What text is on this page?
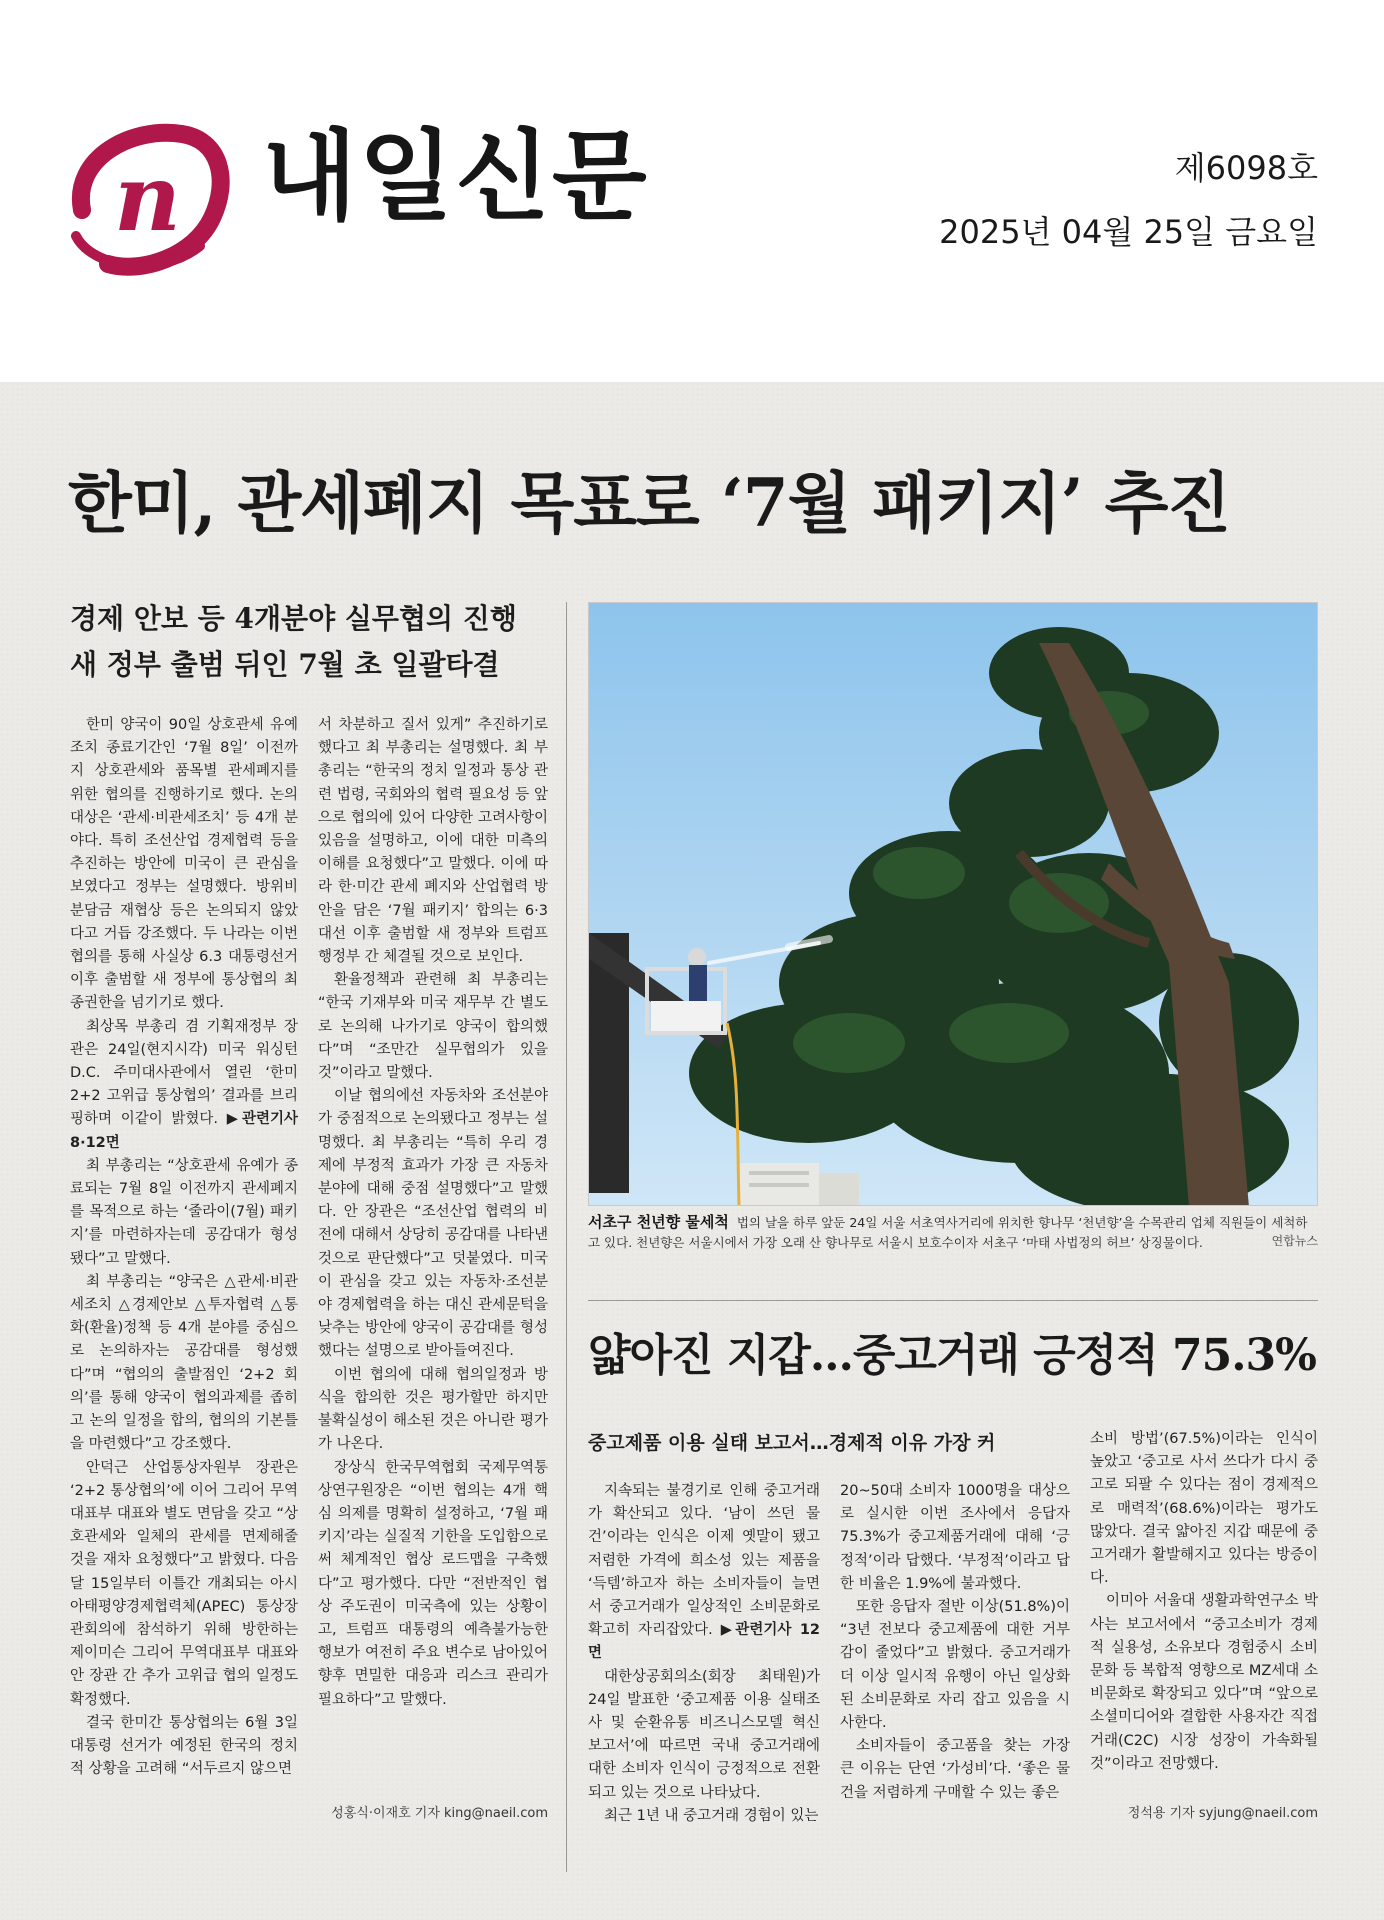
n 내일신문	제6098호
2025년 04월 25일 금요일
한미, 관세폐지 목표로 ‘7월 패키지’ 추진
경제 안보 등 4개분야 실무협의 진행
새 정부 출범 뒤인 7월 초 일괄타결

한미 양국이 90일 상호관세 유예조치 종료기간인 ‘7월 8일’ 이전까지 상호관세와 품목별 관세폐지를 위한 협의를 진행하기로 했다. 논의대상은 ‘관세·비관세조치’ 등 4개 분야다. 특히 조선산업 경제협력 등을 추진하는 방안에 미국이 큰 관심을 보였다고 정부는 설명했다. 방위비 분담금 재협상 등은 논의되지 않았다고 거듭 강조했다. 두 나라는 이번 협의를 통해 사실상 6.3 대통령선거 이후 출범할 새 정부에 통상협의 최종권한을 넘기기로 했다.

최상목 부총리 겸 기획재정부 장관은 24일(현지시각) 미국 워싱턴D.C. 주미대사관에서 열린 ‘한미 2+2 고위급 통상협의’ 결과를 브리핑하며 이같이 밝혔다. ▶관련기사 8·12면

최 부총리는 “상호관세 유예가 종료되는 7월 8일 이전까지 관세폐지를 목적으로 하는 ‘줄라이(7월) 패키지’를 마련하자는데 공감대가 형성됐다”고 말했다.

최 부총리는 “양국은 △관세·비관세조치 △경제안보 △투자협력 △통화(환율)정책 등 4개 분야를 중심으로 논의하자는 공감대를 형성했다”며 “협의의 출발점인 ‘2+2 회의’를 통해 양국이 협의과제를 좁히고 논의 일정을 합의, 협의의 기본틀을 마련했다”고 강조했다.

안덕근 산업통상자원부 장관은 ‘2+2 통상협의’에 이어 그리어 무역대표부 대표와 별도 면담을 갖고 “상호관세와 일체의 관세를 면제해줄 것을 재차 요청했다”고 밝혔다. 다음달 15일부터 이틀간 개최되는 아시아태평양경제협력체(APEC) 통상장관회의에 참석하기 위해 방한하는 제이미슨 그리어 무역대표부 대표와 안 장관 간 추가 고위급 협의 일정도 확정했다.

결국 한미간 통상협의는 6월 3일 대통령 선거가 예정된 한국의 정치적 상황을 고려해 “서두르지 않으면

서 차분하고 질서 있게” 추진하기로 했다고 최 부총리는 설명했다. 최 부총리는 “한국의 정치 일정과 통상 관련 법령, 국회와의 협력 필요성 등 앞으로 협의에 있어 다양한 고려사항이 있음을 설명하고, 이에 대한 미측의 이해를 요청했다”고 말했다. 이에 따라 한·미간 관세 폐지와 산업협력 방안을 담은 ‘7월 패키지’ 합의는 6·3 대선 이후 출범할 새 정부와 트럼프행정부 간 체결될 것으로 보인다.

환율정책과 관련해 최 부총리는 “한국 기재부와 미국 재무부 간 별도로 논의해 나가기로 양국이 합의했다”며 “조만간 실무협의가 있을 것”이라고 말했다.

이날 협의에선 자동차와 조선분야가 중점적으로 논의됐다고 정부는 설명했다. 최 부총리는 “특히 우리 경제에 부정적 효과가 가장 큰 자동차 분야에 대해 중점 설명했다”고 말했다. 안 장관은 “조선산업 협력의 비전에 대해서 상당히 공감대를 나타낸 것으로 판단했다”고 덧붙였다. 미국이 관심을 갖고 있는 자동차·조선분야 경제협력을 하는 대신 관세문턱을 낮추는 방안에 양국이 공감대를 형성했다는 설명으로 받아들여진다.

이번 협의에 대해 협의일정과 방식을 합의한 것은 평가할만 하지만 불확실성이 해소된 것은 아니란 평가가 나온다.

장상식 한국무역협회 국제무역통상연구원장은 “이번 협의는 4개 핵심 의제를 명확히 설정하고, ‘7월 패키지’라는 실질적 기한을 도입함으로써 체계적인 협상 로드맵을 구축했다”고 평가했다. 다만 “전반적인 협상 주도권이 미국측에 있는 상황이고, 트럼프 대통령의 예측불가능한 행보가 여전히 주요 변수로 남아있어 향후 면밀한 대응과 리스크 관리가 필요하다”고 말했다.

성홍식·이재호 기자 king@naeil.com
서초구 천년향 물세척 법의 날을 하루 앞둔 24일 서울 서초역사거리에 위치한 향나무 ‘천년향’을 수목관리 업체 직원들이 세척하고 있다. 천년향은 서울시에서 가장 오래 산 향나무로 서울시 보호수이자 서초구 ‘마태 사법정의 허브’ 상징물이다.	연합뉴스
얇아진 지갑…중고거래 긍정적 75.3%
중고제품 이용 실태 보고서…경제적 이유 가장 커

지속되는 불경기로 인해 중고거래가 확산되고 있다. ‘남이 쓰던 물건’이라는 인식은 이제 옛말이 됐고 저렴한 가격에 희소성 있는 제품을 ‘득템’하고자 하는 소비자들이 늘면서 중고거래가 일상적인 소비문화로 확고히 자리잡았다. ▶관련기사 12면

대한상공회의소(회장 최태원)가 24일 발표한 ‘중고제품 이용 실태조사 및 순환유통 비즈니스모델 혁신 보고서’에 따르면 국내 중고거래에 대한 소비자 인식이 긍정적으로 전환되고 있는 것으로 나타났다.

최근 1년 내 중고거래 경험이 있는

20~50대 소비자 1000명을 대상으로 실시한 이번 조사에서 응답자 75.3%가 중고제품거래에 대해 ‘긍정적’이라 답했다. ‘부정적’이라고 답한 비율은 1.9%에 불과했다.

또한 응답자 절반 이상(51.8%)이 “3년 전보다 중고제품에 대한 거부감이 줄었다”고 밝혔다. 중고거래가 더 이상 일시적 유행이 아닌 일상화된 소비문화로 자리 잡고 있음을 시사한다.

소비자들이 중고품을 찾는 가장 큰 이유는 단연 ‘가성비’다. ‘좋은 물건을 저렴하게 구매할 수 있는 좋은

소비 방법’(67.5%)이라는 인식이 높았고 ‘중고로 사서 쓰다가 다시 중고로 되팔 수 있다는 점이 경제적으로 매력적’(68.6%)이라는 평가도 많았다. 결국 얇아진 지갑 때문에 중고거래가 활발해지고 있다는 방증이다.

이미아 서울대 생활과학연구소 박사는 보고서에서 “중고소비가 경제적 실용성, 소유보다 경험중시 소비문화 등 복합적 영향으로 MZ세대 소비문화로 확장되고 있다”며 “앞으로 소셜미디어와 결합한 사용자간 직접거래(C2C) 시장 성장이 가속화될 것”이라고 전망했다.

정석용 기자 syjung@naeil.com
